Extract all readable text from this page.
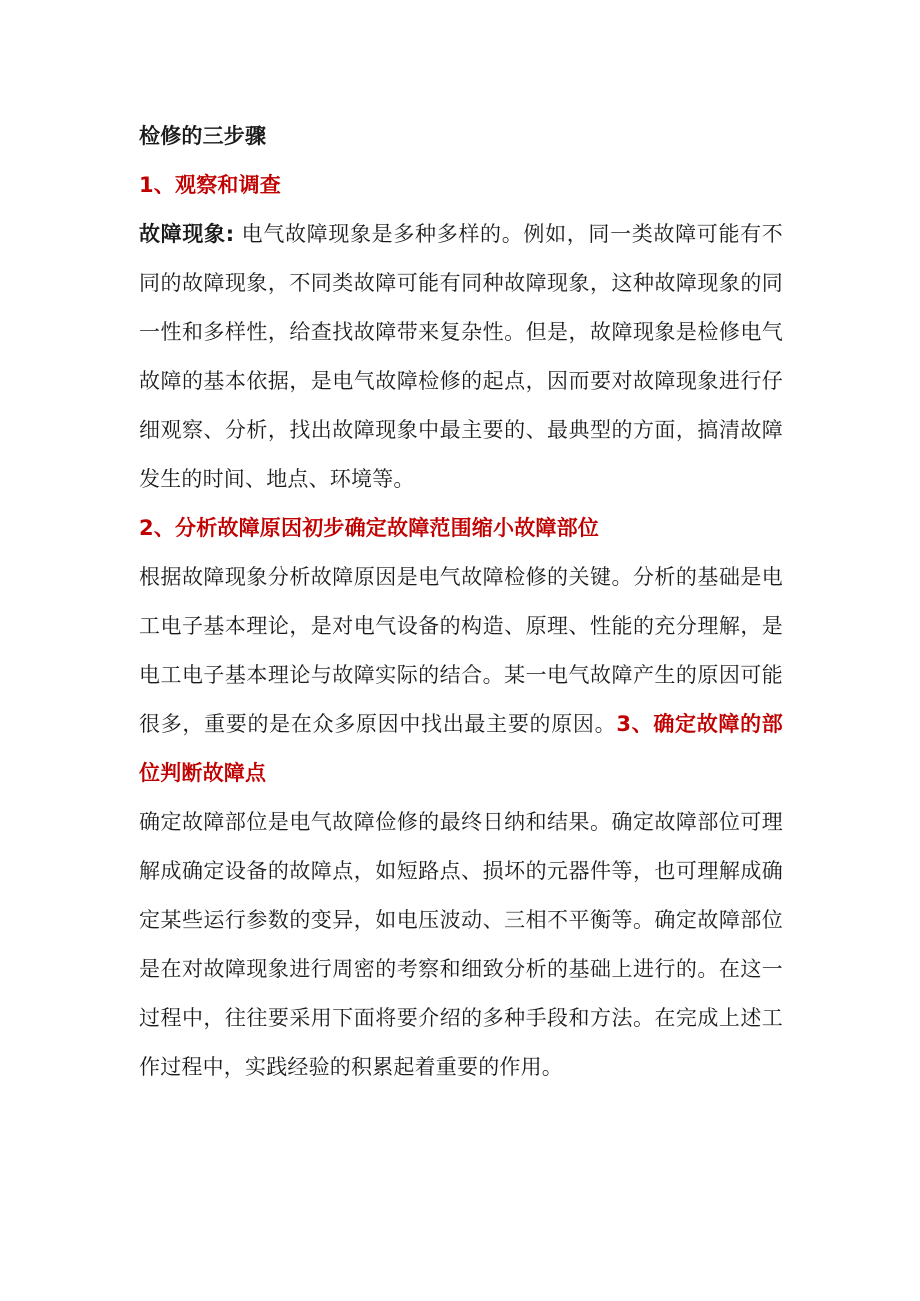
检修的三步骤

1、观察和调查

故障现象: 电气故障现象是多种多样的。例如，同一类故障可能有不同的故障现象，不同类故障可能有同种故障现象，这种故障现象的同一性和多样性，给查找故障带来复杂性。但是，故障现象是检修电气故障的基本依据，是电气故障检修的起点，因而要对故障现象进行仔细观察、分析，找出故障现象中最主要的、最典型的方面，搞清故障发生的时间、地点、环境等。

2、分析故障原因初步确定故障范围缩小故障部位

根据故障现象分析故障原因是电气故障检修的关键。分析的基础是电工电子基本理论，是对电气设备的构造、原理、性能的充分理解，是电工电子基本理论与故障实际的结合。某一电气故障产生的原因可能很多，重要的是在众多原因中找出最主要的原因。3、确定故障的部位判断故障点

确定故障部位是电气故障俭修的最终日纳和结果。确定故障部位可理解成确定设备的故障点，如短路点、损坏的元器件等，也可理解成确定某些运行参数的变异，如电压波动、三相不平衡等。确定故障部位是在对故障现象进行周密的考察和细致分析的基础上进行的。在这一过程中，往往要采用下面将要介绍的多种手段和方法。在完成上述工作过程中，实践经验的积累起着重要的作用。
